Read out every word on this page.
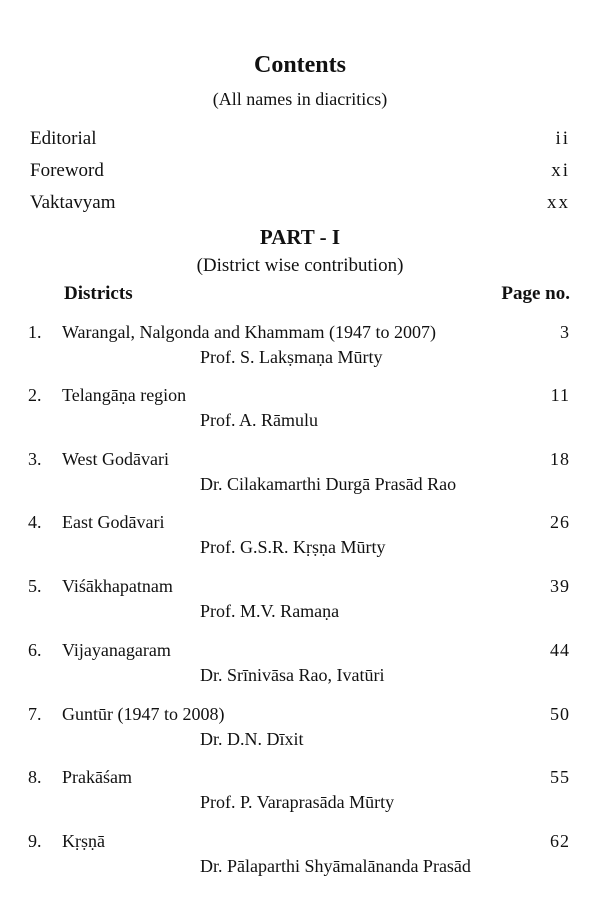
Contents
(All names in diacritics)
Editorial	ii
Foreword	xi
Vaktavyam	xx
PART - I
(District wise contribution)
Districts	Page no.
1. Warangal, Nalgonda and Khammam (1947 to 2007)	3
Prof. S. Lakṣmaṇa Mūrty
2. Telangāṇa region	11
Prof. A. Rāmulu
3. West Godāvari	18
Dr. Cilakamarthi Durgā Prasād Rao
4. East Godāvari	26
Prof. G.S.R. Kṛṣṇa Mūrty
5. Viśākhapatnam	39
Prof. M.V. Ramaṇa
6. Vijayanagaram	44
Dr. Srīnivāsa Rao, Ivatūri
7. Guntūr (1947 to 2008)	50
Dr. D.N. Dīxit
8. Prakāśam	55
Prof. P. Varaprasāda Mūrty
9. Kṛṣṇā	62
Dr. Pālaparthi Shyāmalānanda Prasād
